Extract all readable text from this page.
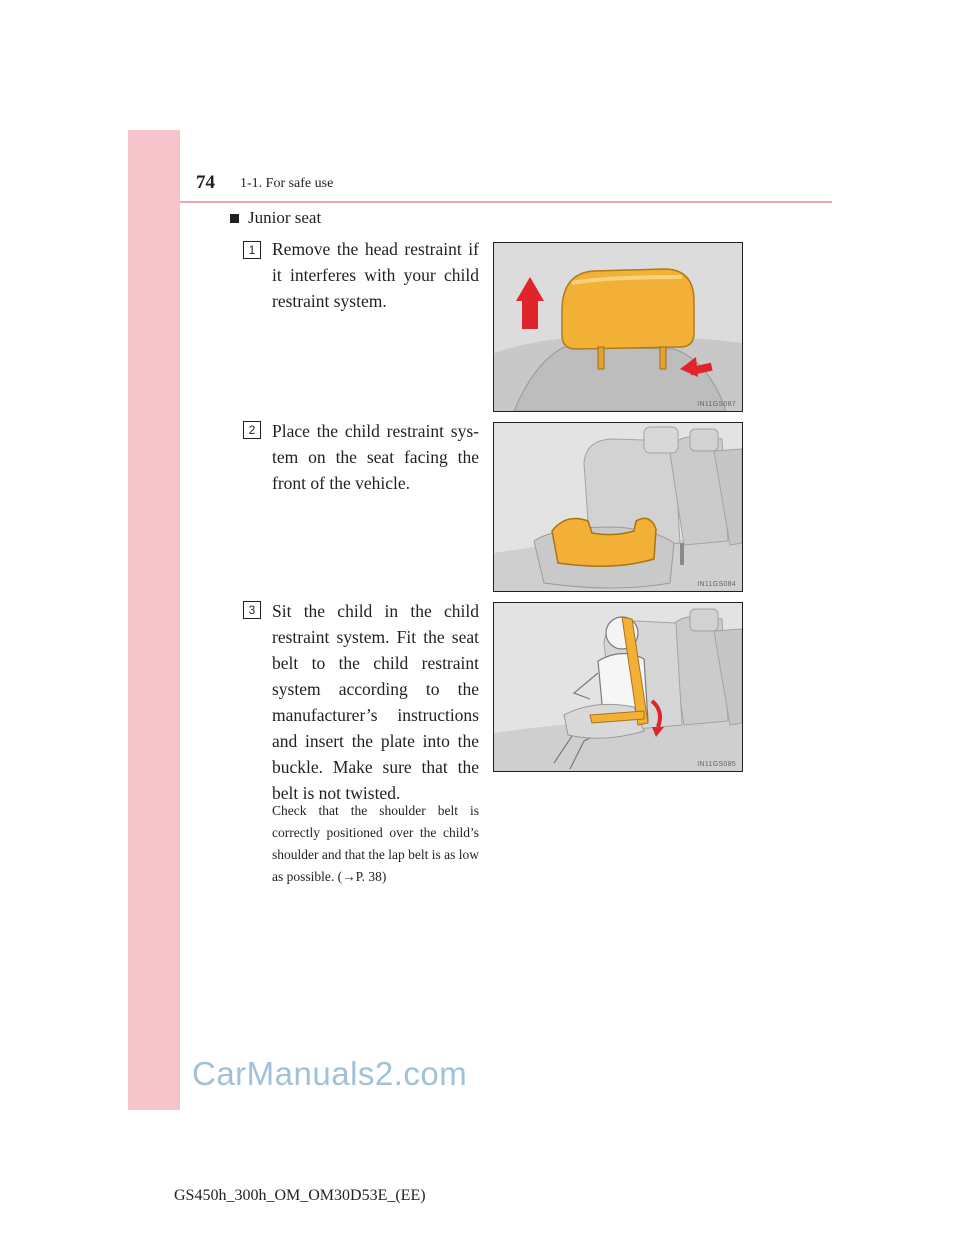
74 1-1. For safe use
Junior seat
1 Remove the head restraint if it interferes with your child restraint system.
IN11GS087
2 Place the child restraint sys-tem on the seat facing the front of the vehicle.
IN11GS084
3 Sit the child in the child restraint system. Fit the seat belt to the child restraint system according to the manufacturer’s instructions and insert the plate into the buckle. Make sure that the belt is not twisted.
IN11GS085
Check that the shoulder belt is correctly positioned over the child’s shoulder and that the lap belt is as low as possible. (→P. 38)
CarManuals2.com
GS450h_300h_OM_OM30D53E_(EE)
